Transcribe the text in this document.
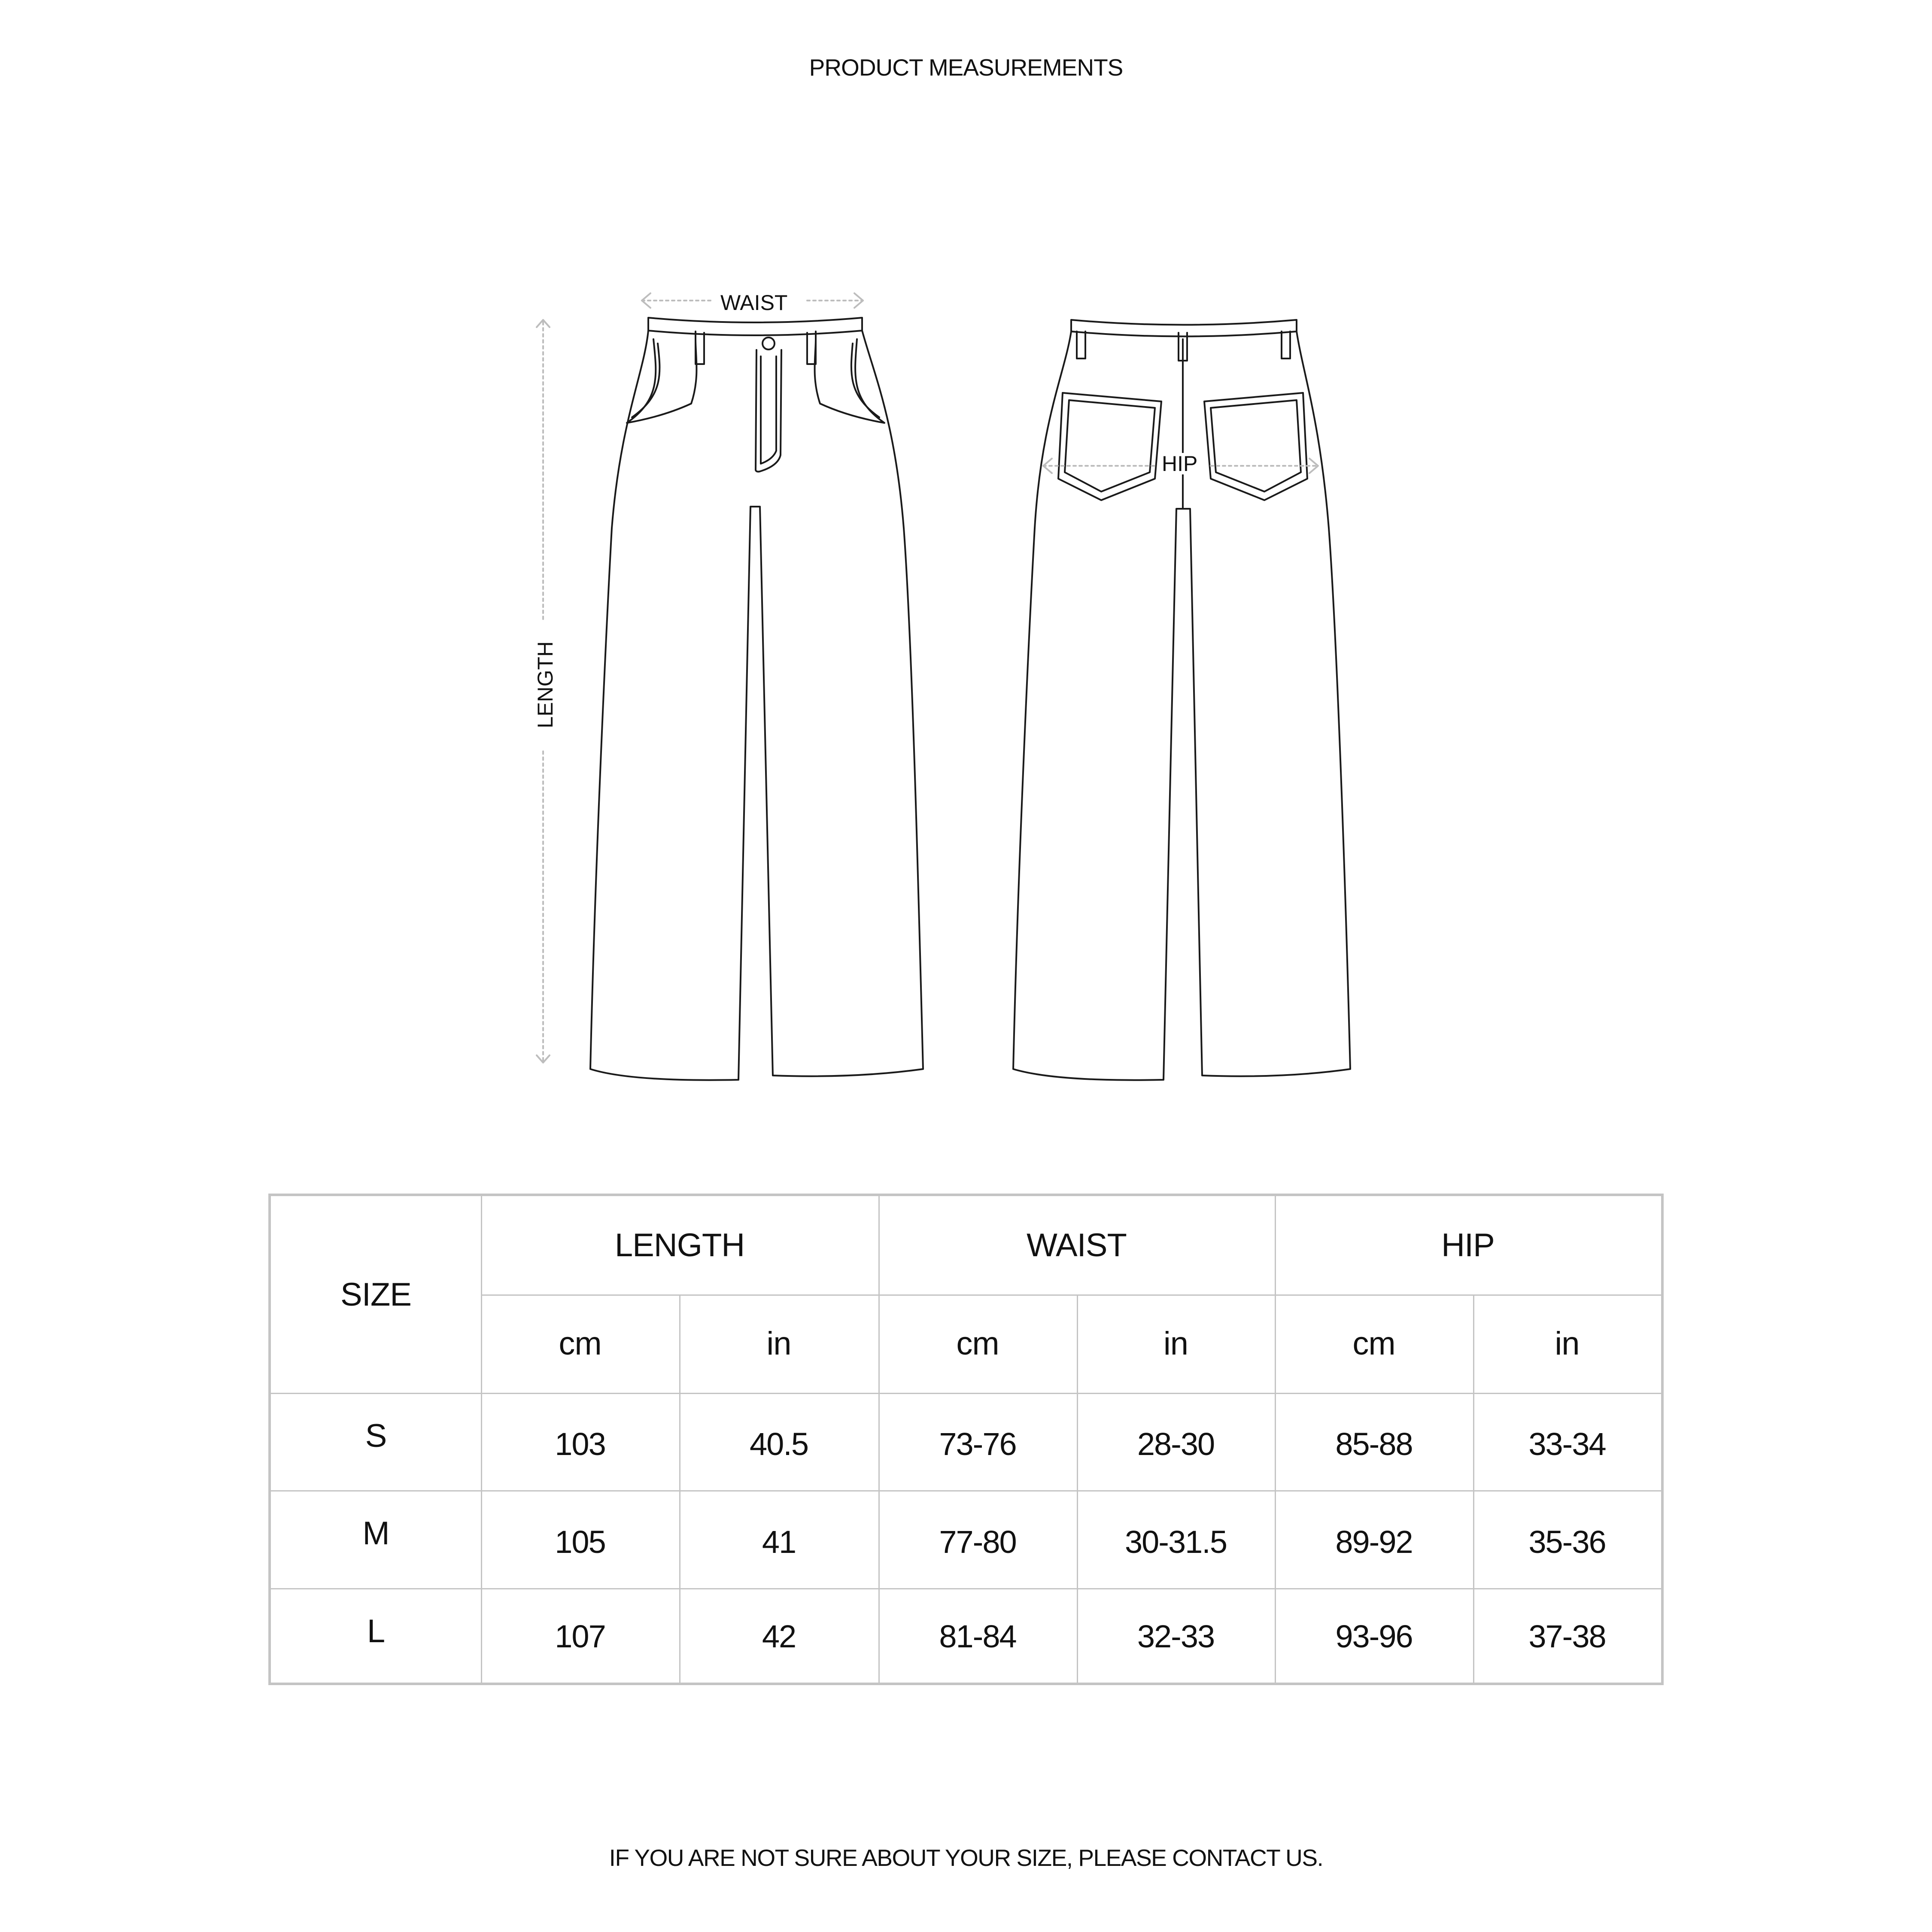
PRODUCT MEASUREMENTS
WAIST
HIP
LENGTH
SIZE
LENGTH	WAIST	HIP
cm	in	cm	in	cm	in
S	103	40.5	73-76	28-30	85-88	33-34
M	105	41	77-80	30-31.5	89-92	35-36
L	107	42	81-84	32-33	93-96	37-38
IF YOU ARE NOT SURE ABOUT YOUR SIZE, PLEASE CONTACT US.
